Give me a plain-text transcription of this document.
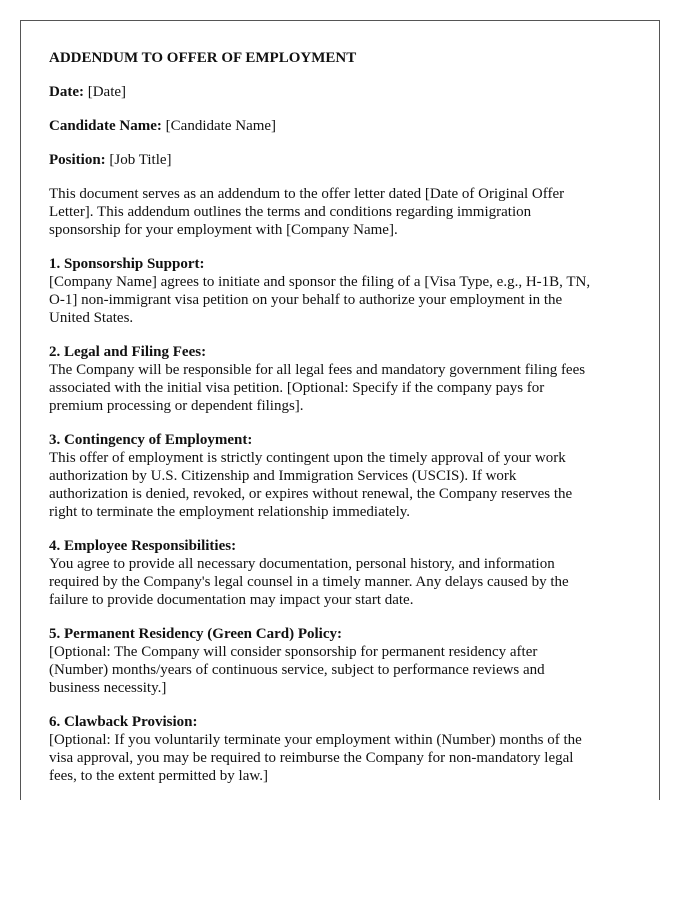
ADDENDUM TO OFFER OF EMPLOYMENT
Date: [Date]
Candidate Name: [Candidate Name]
Position: [Job Title]
This document serves as an addendum to the offer letter dated [Date of Original Offer
Letter]. This addendum outlines the terms and conditions regarding immigration
sponsorship for your employment with [Company Name].
1. Sponsorship Support:
[Company Name] agrees to initiate and sponsor the filing of a [Visa Type, e.g., H-1B, TN,
O-1] non-immigrant visa petition on your behalf to authorize your employment in the
United States.
2. Legal and Filing Fees:
The Company will be responsible for all legal fees and mandatory government filing fees
associated with the initial visa petition. [Optional: Specify if the company pays for
premium processing or dependent filings].
3. Contingency of Employment:
This offer of employment is strictly contingent upon the timely approval of your work
authorization by U.S. Citizenship and Immigration Services (USCIS). If work
authorization is denied, revoked, or expires without renewal, the Company reserves the
right to terminate the employment relationship immediately.
4. Employee Responsibilities:
You agree to provide all necessary documentation, personal history, and information
required by the Company's legal counsel in a timely manner. Any delays caused by the
failure to provide documentation may impact your start date.
5. Permanent Residency (Green Card) Policy:
[Optional: The Company will consider sponsorship for permanent residency after
(Number) months/years of continuous service, subject to performance reviews and
business necessity.]
6. Clawback Provision:
[Optional: If you voluntarily terminate your employment within (Number) months of the
visa approval, you may be required to reimburse the Company for non-mandatory legal
fees, to the extent permitted by law.]
